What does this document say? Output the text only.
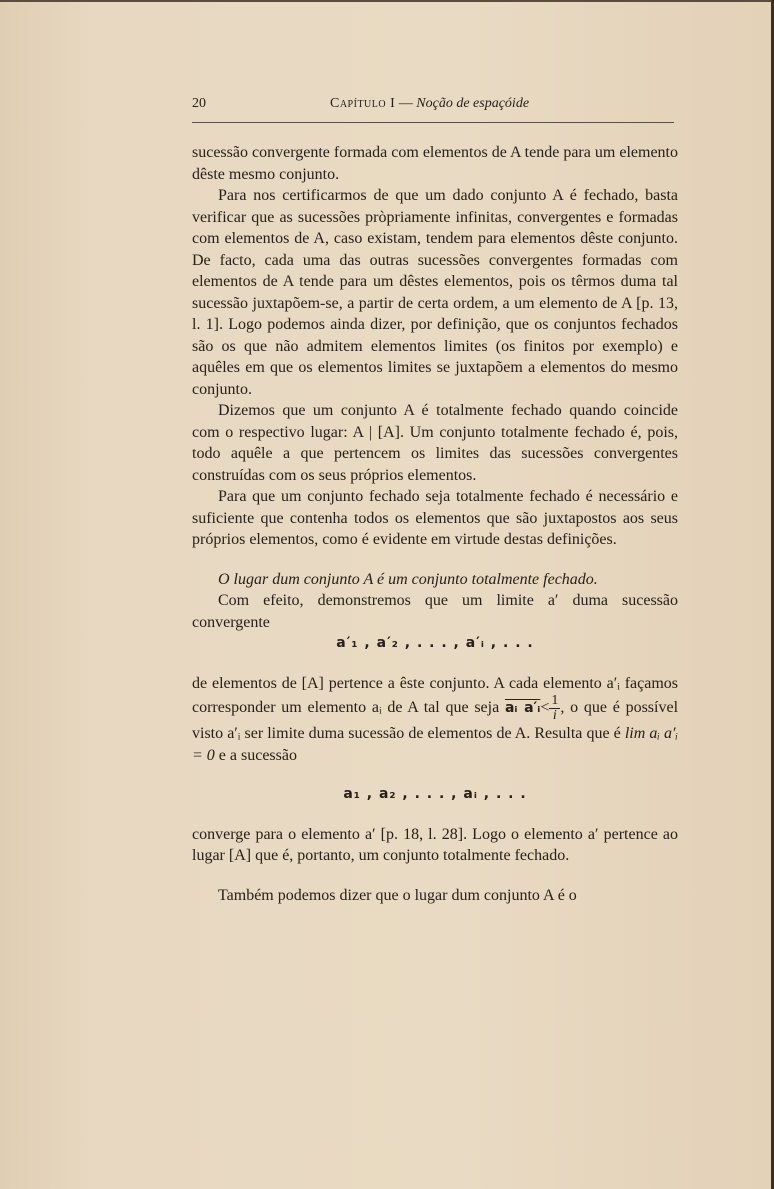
20	Capítulo I — Noção de espaçóide

sucessão convergente formada com elementos de A tende para um elemento dêste mesmo conjunto.

Para nos certificarmos de que um dado conjunto A é fechado, basta verificar que as sucessões pròpriamente infinitas, convergentes e formadas com elementos de A, caso existam, tendem para elementos dêste conjunto. De facto, cada uma das outras sucessões convergentes formadas com elementos de A tende para um dêstes elementos, pois os têrmos duma tal sucessão juxtapõem-se, a partir de certa ordem, a um elemento de A [p. 13, l. 1]. Logo podemos ainda dizer, por definição, que os conjuntos fechados são os que não admitem elementos limites (os finitos por exemplo) e aquêles em que os elementos limites se juxtapõem a elementos do mesmo conjunto.

Dizemos que um conjunto A é totalmente fechado quando coincide com o respectivo lugar: A | [A]. Um conjunto totalmente fechado é, pois, todo aquêle a que pertencem os limites das sucessões convergentes construídas com os seus próprios elementos.

Para que um conjunto fechado seja totalmente fechado é necessário e suficiente que contenha todos os elementos que são juxtapostos aos seus próprios elementos, como é evidente em virtude destas definições.

O lugar dum conjunto A é um conjunto totalmente fechado.

Com efeito, demonstremos que um limite a′ duma sucessão convergente

a′₁ , a′₂ , . . . , a′ᵢ , . . .

de elementos de [A] pertence a êste conjunto. A cada elemento a′ᵢ façamos corresponder um elemento aᵢ de A tal que seja aᵢ a′ᵢ< $\frac{1}{i}$ , o que é possível visto a′ᵢ ser limite duma sucessão de elementos de A. Resulta que é lim aᵢ a′ᵢ = 0 e a sucessão

a₁ , a₂ , . . . , aᵢ , . . .

converge para o elemento a′ [p. 18, l. 28]. Logo o elemento a′ pertence ao lugar [A] que é, portanto, um conjunto totalmente fechado.

Também podemos dizer que o lugar dum conjunto A é o
